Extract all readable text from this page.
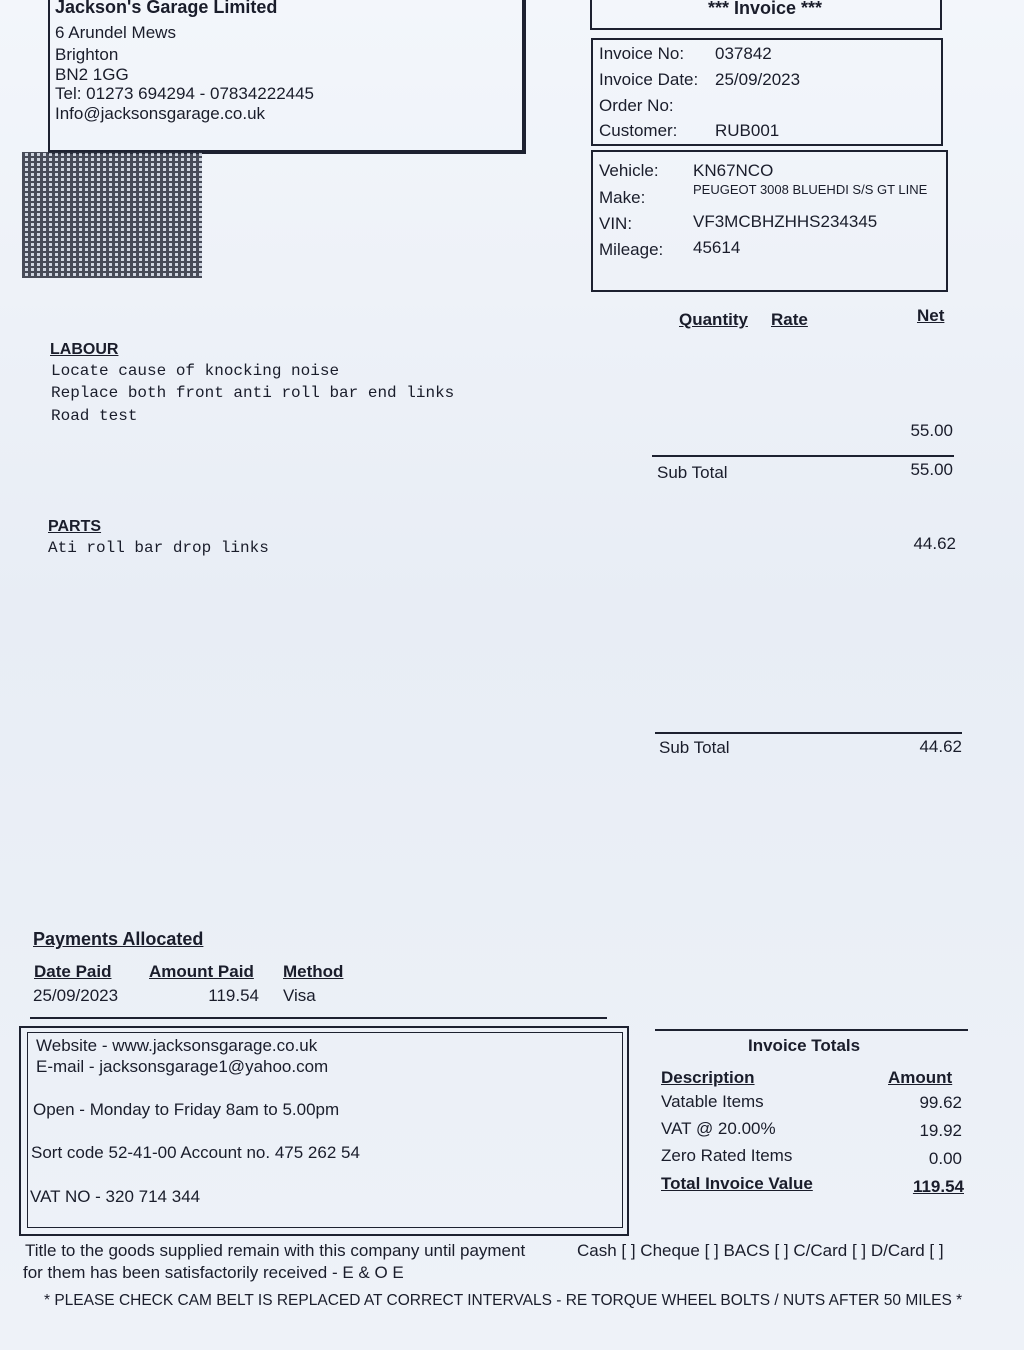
Jackson's Garage Limited
6 Arundel Mews
Brighton
BN2 1GG
Tel: 01273 694294 - 07834222445
Info@jacksonsgarage.co.uk
*** Invoice ***
Invoice No: 037842
Invoice Date: 25/09/2023
Order No:
Customer: RUB001
Vehicle: KN67NCO
Make:	PEUGEOT 3008 BLUEHDI S/S GT LINE
VIN:	VF3MCBHZHHS234345
Mileage: 45614
Quantity Rate	Net
LABOUR
Locate cause of knocking noise
Replace both front anti roll bar end links
Road test
55.00
Sub Total	55.00
PARTS
Ati roll bar drop links	44.62
Sub Total	44.62
Payments Allocated
Date Paid Amount Paid Method
25/09/2023	119.54 Visa
Website - www.jacksonsgarage.co.uk
E-mail - jacksonsgarage1@yahoo.com
Open - Monday to Friday 8am to 5.00pm
Sort code 52-41-00 Account no. 475 262 54
VAT NO - 320 714 344
Invoice Totals
Description	Amount
Vatable Items	99.62
VAT @ 20.00%	19.92
Zero Rated Items	0.00
Total Invoice Value	119.54
Title to the goods supplied remain with this company until payment
for them has been satisfactorily received - E & O E
Cash [ ] Cheque [ ] BACS [ ] C/Card [ ] D/Card [ ]
* PLEASE CHECK CAM BELT IS REPLACED AT CORRECT INTERVALS - RE TORQUE WHEEL BOLTS / NUTS AFTER 50 MILES *
